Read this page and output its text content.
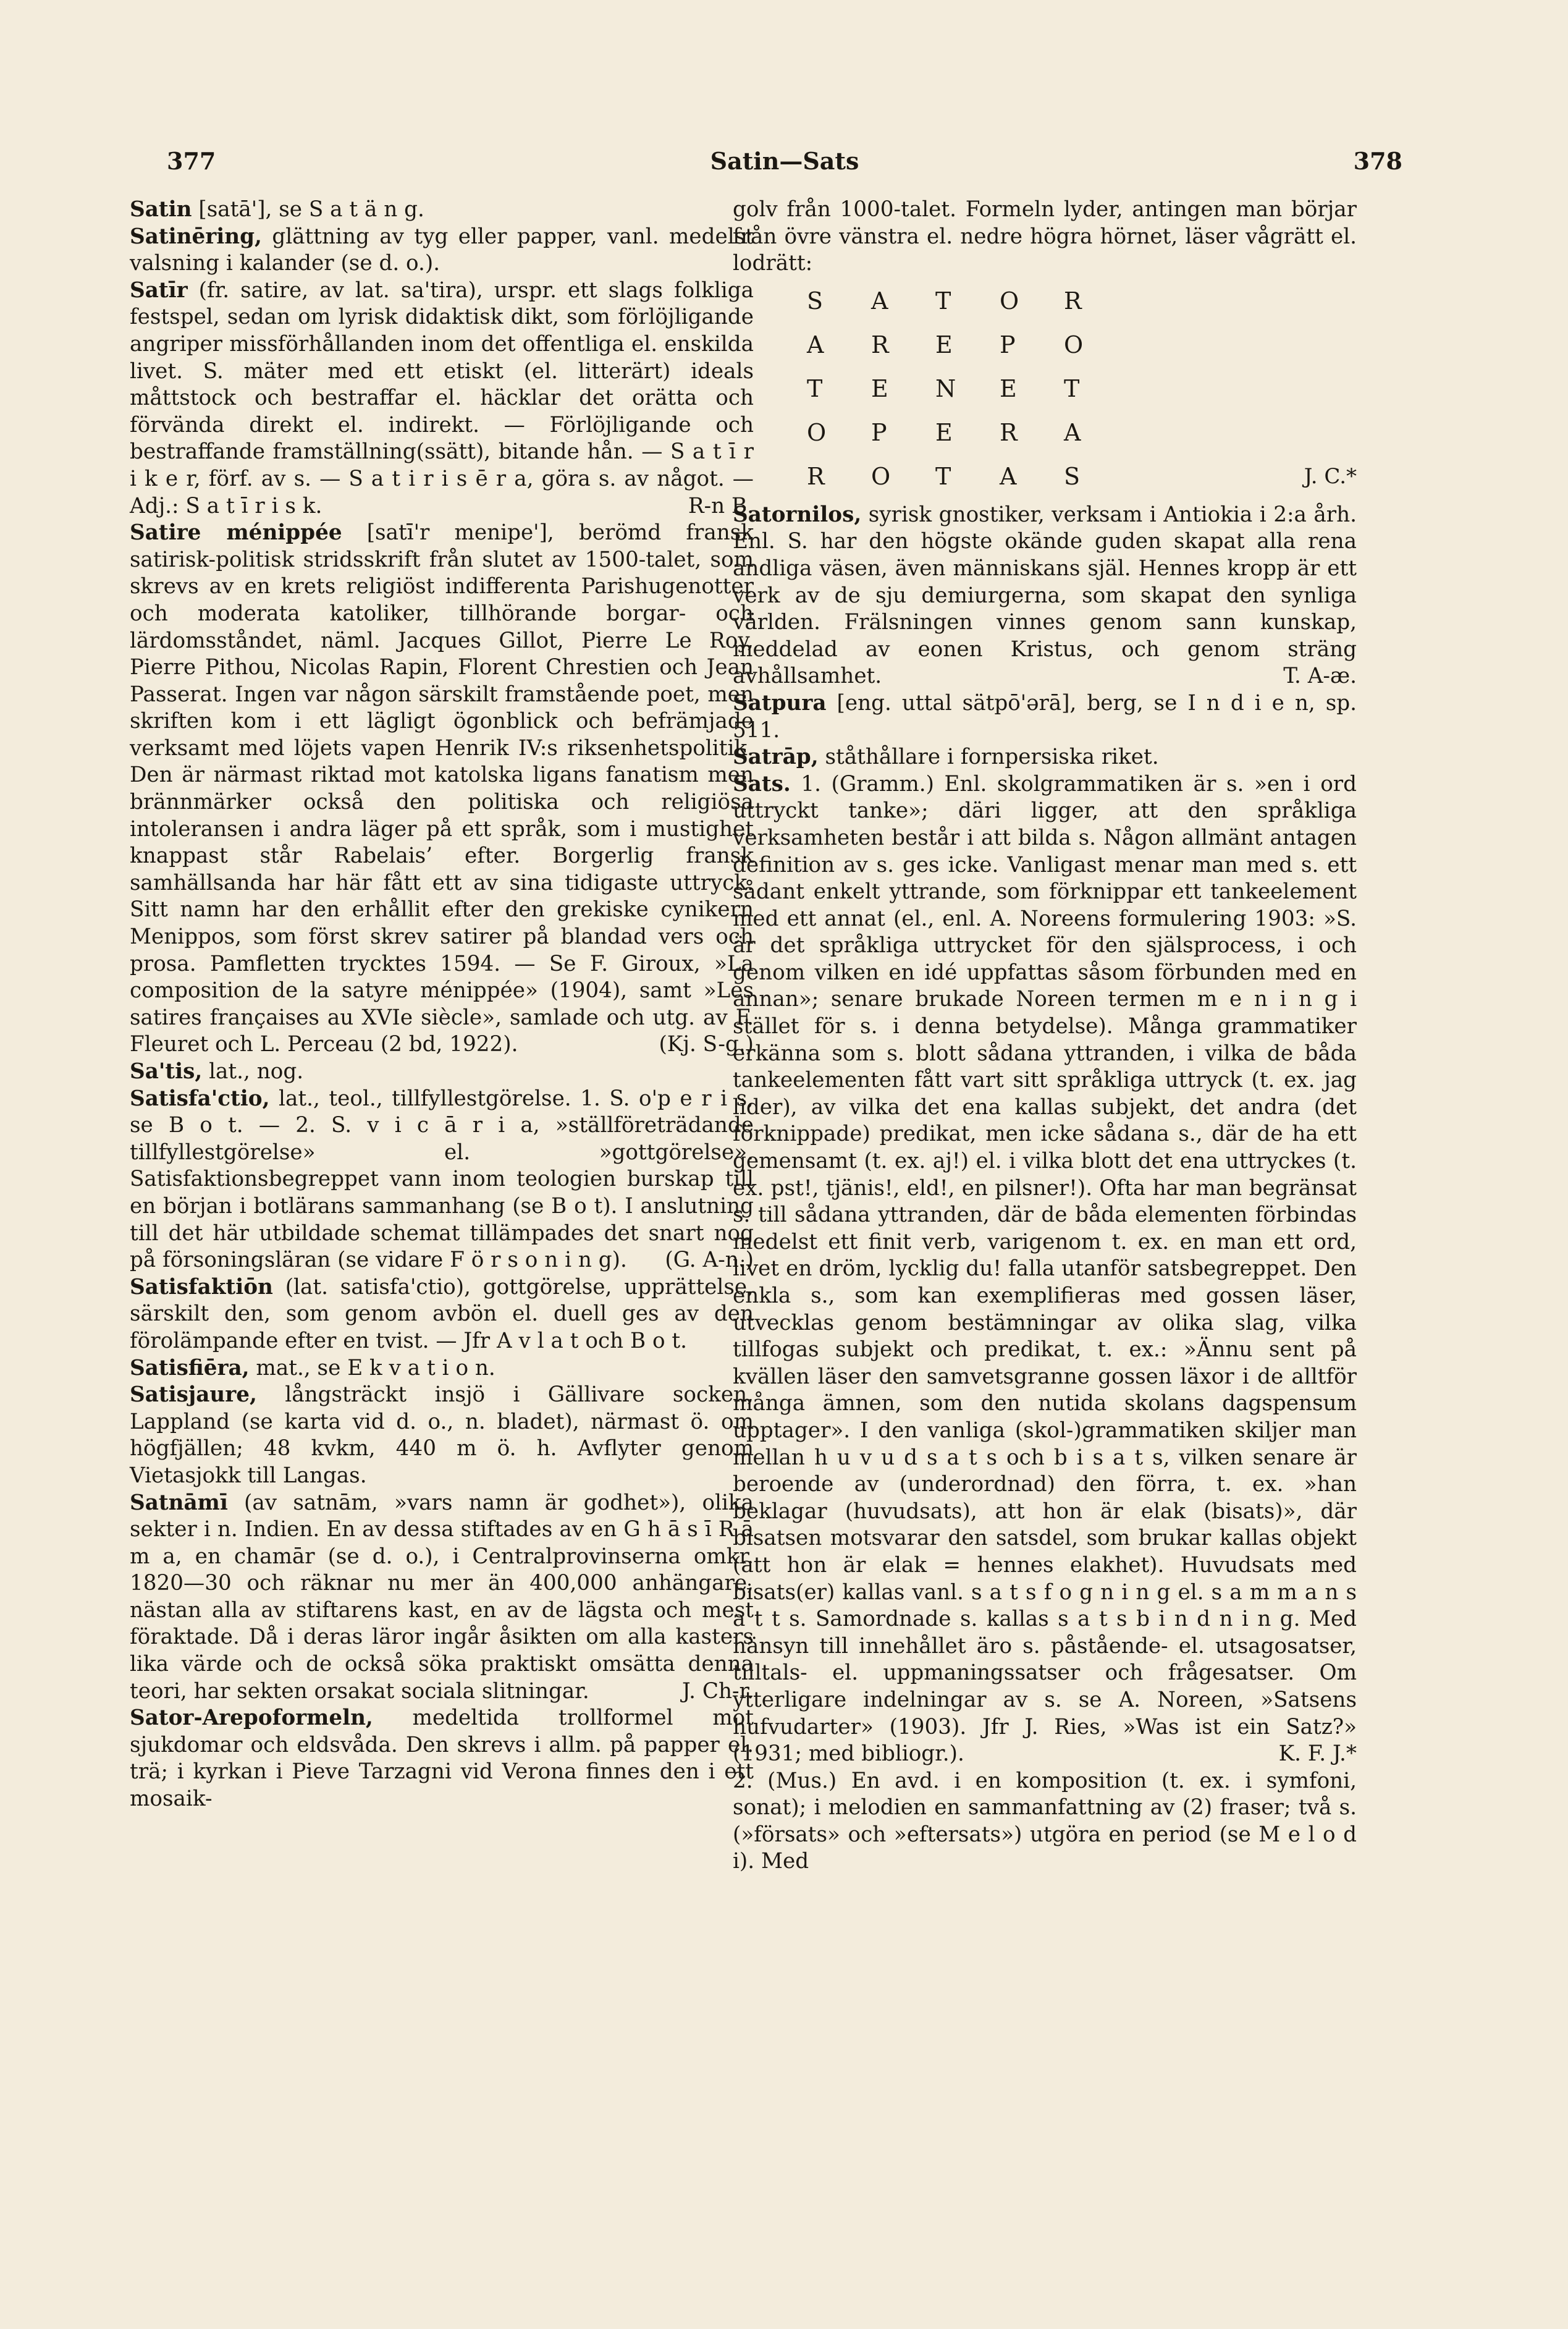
377	Satin—Sats	378

Satin [satā'], se S a t ä n g.

Satinēring, glättning av tyg eller papper, vanl. medelst valsning i kalander (se d. o.).

Satīr (fr. satire, av lat. sa'tira), urspr. ett slags folkliga festspel, sedan om lyrisk didaktisk dikt, som förlöjligande angriper missförhållanden inom det offentliga el. enskilda livet. S. mäter med ett etiskt (el. litterärt) ideals måttstock och bestraffar el. häcklar det orätta och förvända direkt el. indirekt. — Förlöjligande och bestraffande framställning(ssätt), bitande hån. — S a t ī r i k e r, förf. av s. — S a t i r i s ē r a, göra s. av något. — Adj.: S a t ī r i s k.	R-n B.

Satire ménippée [satī'r menipe'], berömd fransk satirisk-politisk stridsskrift från slutet av 1500-talet, som skrevs av en krets religiöst indifferenta Parishugenotter och moderata katoliker, tillhörande borgar- och lärdomsståndet, näml. Jacques Gillot, Pierre Le Roy, Pierre Pithou, Nicolas Rapin, Florent Chrestien och Jean Passerat. Ingen var någon särskilt framstående poet, men skriften kom i ett lägligt ögonblick och befrämjade verksamt med löjets vapen Henrik IV:s riksenhetspolitik. Den är närmast riktad mot katolska ligans fanatism men brännmärker också den politiska och religiösa intoleransen i andra läger på ett språk, som i mustighet knappast står Rabelais’ efter. Borgerlig fransk samhällsanda har här fått ett av sina tidigaste uttryck. Sitt namn har den erhållit efter den grekiske cynikern Menippos, som först skrev satirer på blandad vers och prosa. Pamfletten trycktes 1594. — Se F. Giroux, »La composition de la satyre ménippée» (1904), samt »Les satires françaises au XVIe siècle», samlade och utg. av F. Fleuret och L. Perceau (2 bd, 1922).	(Kj. S-g.)

Sa'tis, lat., nog.

Satisfa'ctio, lat., teol., tillfyllestgörelse. 1. S. o'p e r i s, se B o t. — 2. S. v i c ā r i a, »ställföreträdande tillfyllestgörelse» el. »gottgörelse». Satisfaktionsbegreppet vann inom teologien burskap till en början i botlärans sammanhang (se B o t). I anslutning till det här utbildade schemat tillämpades det snart nog på försoningsläran (se vidare F ö r s o n i n g). (G. A-n.)

Satisfaktiōn (lat. satisfa'ctio), gottgörelse, upprättelse, särskilt den, som genom avbön el. duell ges av den förolämpande efter en tvist. — Jfr A v l a t och B o t.

Satisfiēra, mat., se E k v a t i o n.

Satisjaure, långsträckt insjö i Gällivare socken, Lappland (se karta vid d. o., n. bladet), närmast ö. om högfjällen; 48 kvkm, 440 m ö. h. Avflyter genom Vietasjokk till Langas.

Satnāmī (av satnām, »vars namn är godhet»), olika sekter i n. Indien. En av dessa stiftades av en G h ā s ī R ā m a, en chamār (se d. o.), i Centralprovinserna omkr. 1820—30 och räknar nu mer än 400,000 anhängare, nästan alla av stiftarens kast, en av de lägsta och mest föraktade. Då i deras läror ingår åsikten om alla kasters lika värde och de också söka praktiskt omsätta denna teori, har sekten orsakat sociala slitningar.	J. Ch-r.

Sator-Arepoformeln, medeltida trollformel mot sjukdomar och eldsvåda. Den skrevs i allm. på papper el. trä; i kyrkan i Pieve Tarzagni vid Verona finnes den i ett mosaik-

golv från 1000-talet. Formeln lyder, antingen man börjar från övre vänstra el. nedre högra hörnet, läser vågrätt el. lodrätt:

S	A	T	O	R
A	R	E	P	O
T	E	N	E	T
O	P	E	R	A
R	O	T	A	S	J. C.*

Satornilos, syrisk gnostiker, verksam i Antiokia i 2:a årh. Enl. S. har den högste okände guden skapat alla rena andliga väsen, även människans själ. Hennes kropp är ett verk av de sju demiurgerna, som skapat den synliga världen. Frälsningen vinnes genom sann kunskap, meddelad av eonen Kristus, och genom sträng avhållsamhet.	T. A-æ.

Satpura [eng. uttal sätpō'ərā], berg, se I n d i e n, sp. 511.

Satrāp, ståthållare i fornpersiska riket.

Sats. 1. (Gramm.) Enl. skolgrammatiken är s. »en i ord uttryckt tanke»; däri ligger, att den språkliga verksamheten består i att bilda s. Någon allmänt antagen definition av s. ges icke. Vanligast menar man med s. ett sådant enkelt yttrande, som förknippar ett tankeelement med ett annat (el., enl. A. Noreens formulering 1903: »S. är det språkliga uttrycket för den själsprocess, i och genom vilken en idé uppfattas såsom förbunden med en annan»; senare brukade Noreen termen m e n i n g i stället för s. i denna betydelse). Många grammatiker erkänna som s. blott sådana yttranden, i vilka de båda tankeelementen fått vart sitt språkliga uttryck (t. ex. jag lider), av vilka det ena kallas subjekt, det andra (det förknippade) predikat, men icke sådana s., där de ha ett gemensamt (t. ex. aj!) el. i vilka blott det ena uttryckes (t. ex. pst!, tjänis!, eld!, en pilsner!). Ofta har man begränsat s. till sådana yttranden, där de båda elementen förbindas medelst ett finit verb, varigenom t. ex. en man ett ord, livet en dröm, lycklig du! falla utanför satsbegreppet. Den enkla s., som kan exemplifieras med gossen läser, utvecklas genom bestämningar av olika slag, vilka tillfogas subjekt och predikat, t. ex.: »Ännu sent på kvällen läser den samvetsgranne gossen läxor i de alltför många ämnen, som den nutida skolans dagspensum upptager». I den vanliga (skol-)grammatiken skiljer man mellan h u v u d s a t s och b i s a t s, vilken senare är beroende av (underordnad) den förra, t. ex. »han beklagar (huvudsats), att hon är elak (bisats)», där bisatsen motsvarar den satsdel, som brukar kallas objekt (att hon är elak = hennes elakhet). Huvudsats med bisats(er) kallas vanl. s a t s f o g n i n g el. s a m m a n s a t t s. Samordnade s. kallas s a t s b i n d n i n g. Med hänsyn till innehållet äro s. påstående- el. utsagosatser, tilltals- el. uppmaningssatser och frågesatser. Om ytterligare indelningar av s. se A. Noreen, »Satsens hufvudarter» (1903). Jfr J. Ries, »Was ist ein Satz?» (1931; med bibliogr.).	K. F. J.*

2. (Mus.) En avd. i en komposition (t. ex. i symfoni, sonat); i melodien en sammanfattning av (2) fraser; två s. (»försats» och »eftersats») utgöra en period (se M e l o d i). Med
